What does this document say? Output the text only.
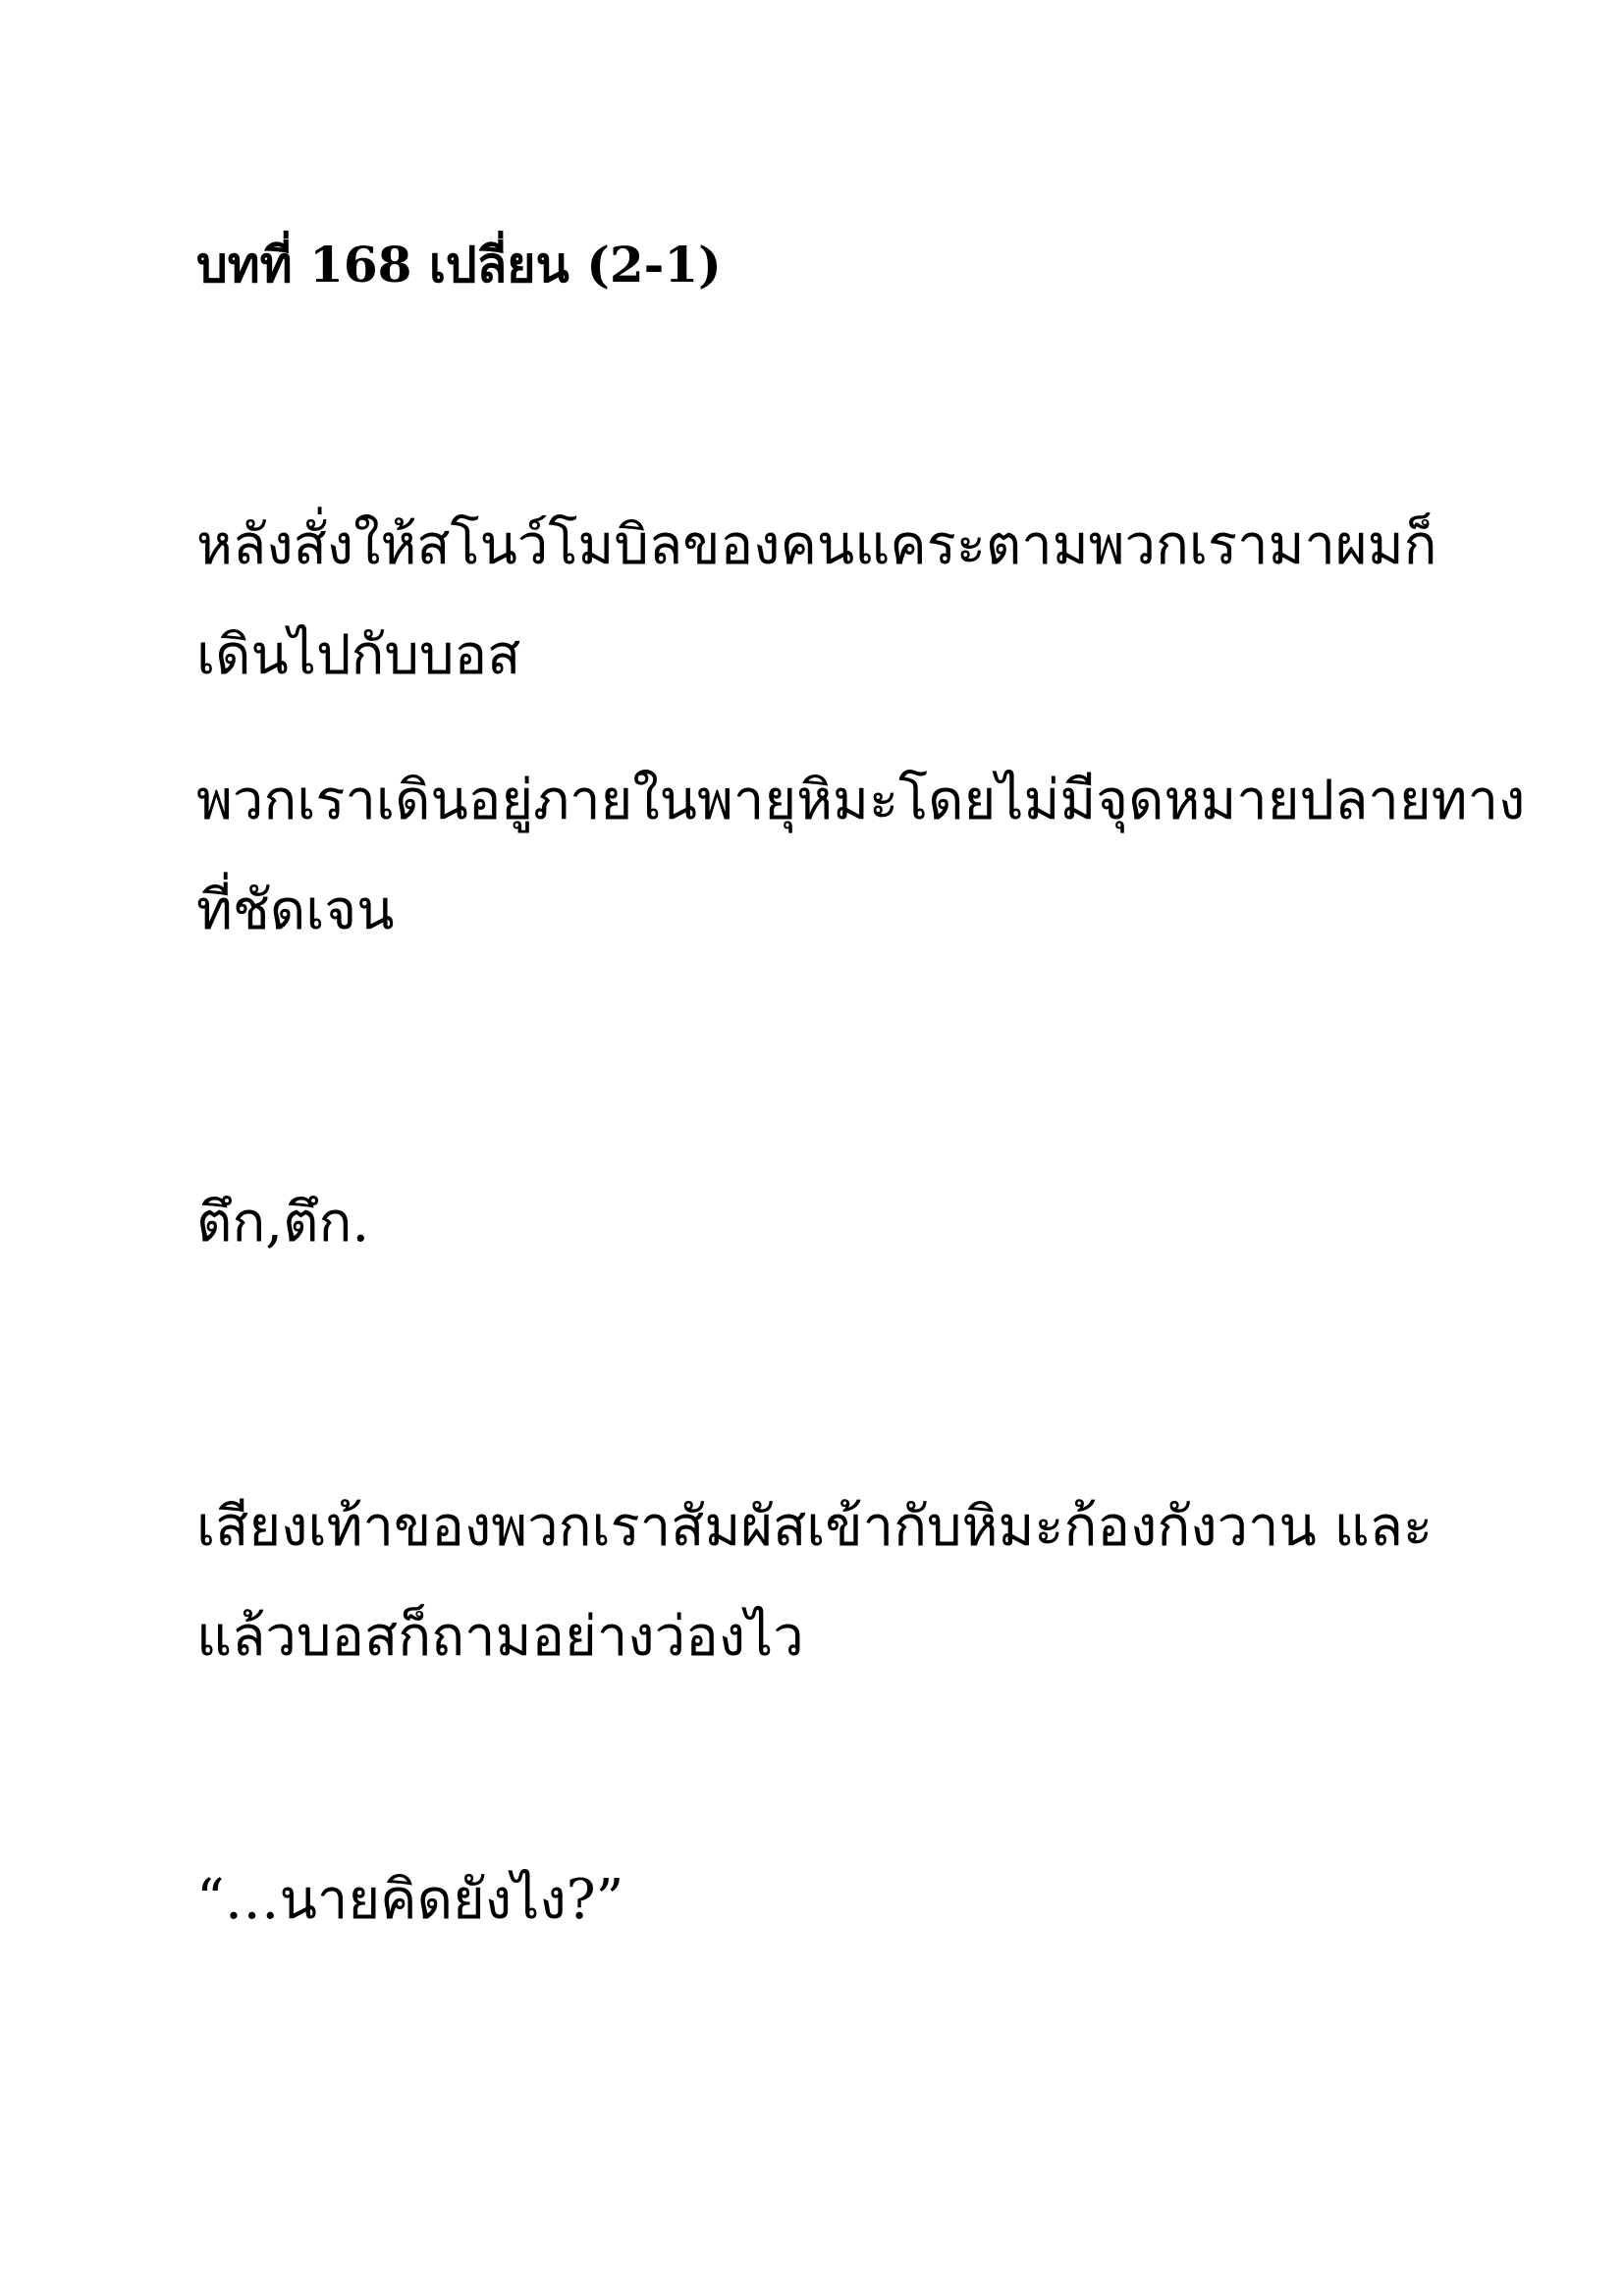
บทที่ 168 เปลี่ยน (2-1)
หลังสั่งให้สโนว์โมบิลของคนแคระตามพวกเรามาผมก็
เดินไปกับบอส
พวกเราเดินอยู่ภายในพายุหิมะโดยไม่มีจุดหมายปลายทาง
ที่ชัดเจน
ตึก,ตึก.
เสียงเท้าของพวกเราสัมผัสเข้ากับหิมะก้องกังวาน และ
แล้วบอสก็ถามอย่างว่องไว
“…นายคิดยังไง?”
